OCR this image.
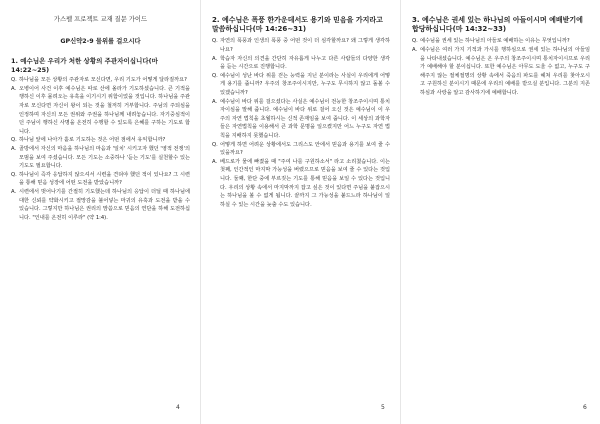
가스펠 프로젝트 교재 질문 가이드
GP신약2-9 물위를 걸으시다
1. 예수님은 우리가 처한 상황의 주관자이십니다(마14:22~25)
Q. 하나님을 모든 상황의 주관자로 모신다면, 우리 기도가 어떻게 달라질까요?
A. 오병이어 사건 이후 예수님은 따로 산에 올라가 기도하셨습니다. 큰 기적을 행하신 이후 몰려오는 유혹을 이기시기 위함이었을 것입니다. 하나님을 주관자로 모신다면 자신이 왕이 되는 것을 철저히 거부합니다. 주님의 주되심을 인정하며 자신의 모든 권위와 주권을 하나님께 내려놓습니다. 자기중심적이던 주님이 행하신 사명을 온전히 수행할 수 있도록 은혜를 구하는 기도로 합니다.
Q. 하나님 앞에 나아가 홀로 기도하는 것은 어떤 점에서 유익합니까?
A. 골방에서 자신의 마음을 하나님의 마음과 '일치' 시키고자 했던 '영적 전쟁'의 모범을 보여 주셨습니다. 모든 기도는 소중하나 '듣는 기도'를 실천할수 있는 기도도 필요합니다.
Q. 하나님이 즉각 응답하지 않으셔서 시련을 견뎌야 했던 적이 있나요? 그 시련을 통해 믿음 성장에 어떤 도전을 받았습니까?
A. 시련에서 벗어나기를 간절히 기도했는데 하나님의 응답이 더딜 때 하나님에 대한 신뢰를 약화시키고 절망감을 불어넣는 마귀의 유혹과 도전을 받을 수 있습니다. 그렇지만 하나님은 권리의 맘씀으로 믿음의 연단을 하해 도전하십니다. "인내를 온전히 이루라" (약 1:4).
4
2. 예수님은 폭풍 한가운데서도 용기와 믿음을 가지라고 말씀하십니다(마 14:26~31)
Q. 자연의 폭풍과 인생의 폭풍 중 어떤 것이 더 심각할까요? 왜 그렇게 생각하나요?
A. 학습자 자신의 의견을 간단히 자유롭게 나누고 다른 사람들의 다양한 생각을 듣는 시간으로 진행합니다.
Q. 예수님이 성난 바다 위를 걷는 능력을 지닌 분이라는 사실이 우리에게 어떻게 용기를 줍니까? 우주의 창조주이시지만, 누구도 무시하지 않고 돌볼 수 있겠습니까?
A. 예수님이 바다 위를 걸으셨다는 사실은 예수님이 전능한 창조주이시며 통치자이심을 말해 줍니다. 예수님이 바다 위로 걸어 오신 것은 예수님이 이 우주의 자연 법칙을 초월하시는 신적 존재임을 보여 줍니다. 이 세상의 과학자들은 자연법칙을 이용해서 큰 과학 문명을 일으켰지만 어느 누구도 자연 법칙을 지배하지 못했습니다.
Q. 어떻게 하면 어려운 상황에서도 그리스도 안에서 믿음과 용기를 보여 줄 수 있을까요?
A. 베드로가 물에 빠졌을 때 "주여 나를 구원하소서" 라고 소리쳤습니다. 이는 첫째, 인간적인 마지막 가능성을 버렸으므로 믿음을 보여 줄 수 있다는 것입니다. 둘째, 한단 중에 부르짖는 기도를 통해 믿음을 보일 수 있다는 것입니다. 우리의 상황 속에서 마지막까지 잡고 싶은 것이 있다면 주님을 붙잡으시는 하나님을 볼 수 없게 됩니다. 끝까지 그 가능성을 붙드느라 하나님이 일하실 수 있는 시간을 늦출 수도 있습니다.
5
3. 예수님은 권세 있는 하나님의 아들이시며 예배받기에 합당하십니다(마 14:32~33)
Q. 예수님을 권세 있는 하나님의 아들로 예배하는 이유는 무엇입니까?
A. 예수님은 여러 가지 기적과 가시를 행하심으로 권세 있는 하나님의 아들임을 나타내셨습니다. 예수님은 온 우주의 창조주이시며 통치자이시므로 우리가 예배해야 할 분이십니다. 또한 예수님은 아무도 도울 수 없고, 누구도 구해주지 않는 절체절명의 상황 속에서 죽음의 파도를 헤쳐 우리를 찾아오시고 구원하신 분이시기 때문에 우리의 예배를 받으실 분입니다. 그분의 지존하심과 사랑을 알고 감사하기에 예배합니다.
6
